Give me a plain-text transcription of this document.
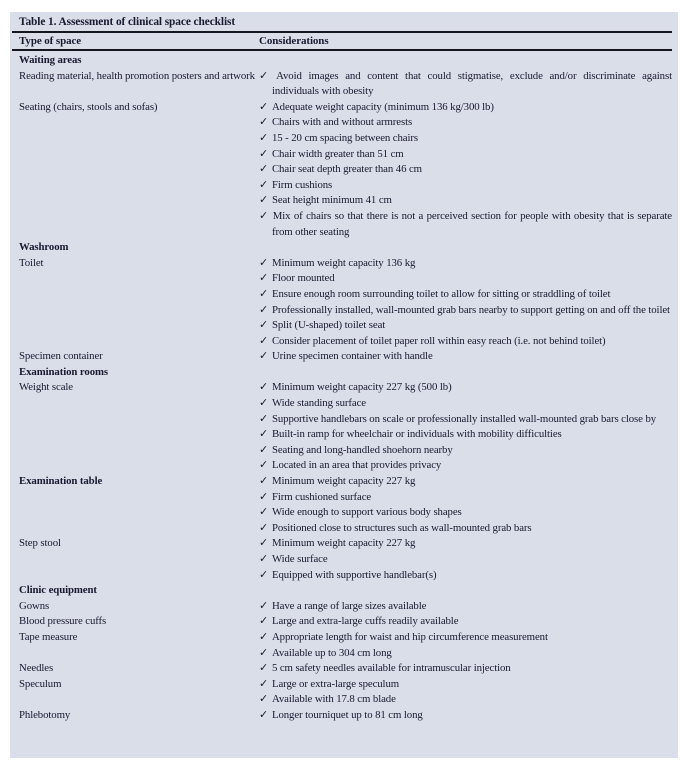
Table 1. Assessment of clinical space checklist
Type of space	Considerations
Waiting areas
Reading material, health promotion posters and artwork ✓ Avoid images and content that could stigmatise, exclude and/or discriminate against individuals with obesity
Seating (chairs, stools and sofas)	✓ Adequate weight capacity (minimum 136 kg/300 lb)
✓ Chairs with and without armrests
✓ 15 - 20 cm spacing between chairs
✓ Chair width greater than 51 cm
✓ Chair seat depth greater than 46 cm
✓ Firm cushions
✓ Seat height minimum 41 cm
✓ Mix of chairs so that there is not a perceived section for people with obesity that is separate from other seating
Washroom
Toilet	✓ Minimum weight capacity 136 kg
✓ Floor mounted
✓ Ensure enough room surrounding toilet to allow for sitting or straddling of toilet
✓ Professionally installed, wall-mounted grab bars nearby to support getting on and off the toilet
✓ Split (U-shaped) toilet seat
✓ Consider placement of toilet paper roll within easy reach (i.e. not behind toilet)
Specimen container	✓ Urine specimen container with handle
Examination rooms
Weight scale	✓ Minimum weight capacity 227 kg (500 lb)
✓ Wide standing surface
✓ Supportive handlebars on scale or professionally installed wall-mounted grab bars close by
✓ Built-in ramp for wheelchair or individuals with mobility difficulties
✓ Seating and long-handled shoehorn nearby
✓ Located in an area that provides privacy
Examination table	✓ Minimum weight capacity 227 kg
✓ Firm cushioned surface
✓ Wide enough to support various body shapes
✓ Positioned close to structures such as wall-mounted grab bars
Step stool	✓ Minimum weight capacity 227 kg
✓ Wide surface
✓ Equipped with supportive handlebar(s)
Clinic equipment
Gowns	✓ Have a range of large sizes available
Blood pressure cuffs	✓ Large and extra-large cuffs readily available
Tape measure	✓ Appropriate length for waist and hip circumference measurement
✓ Available up to 304 cm long
Needles	✓ 5 cm safety needles available for intramuscular injection
Speculum	✓ Large or extra-large speculum
✓ Available with 17.8 cm blade
Phlebotomy	✓ Longer tourniquet up to 81 cm long
